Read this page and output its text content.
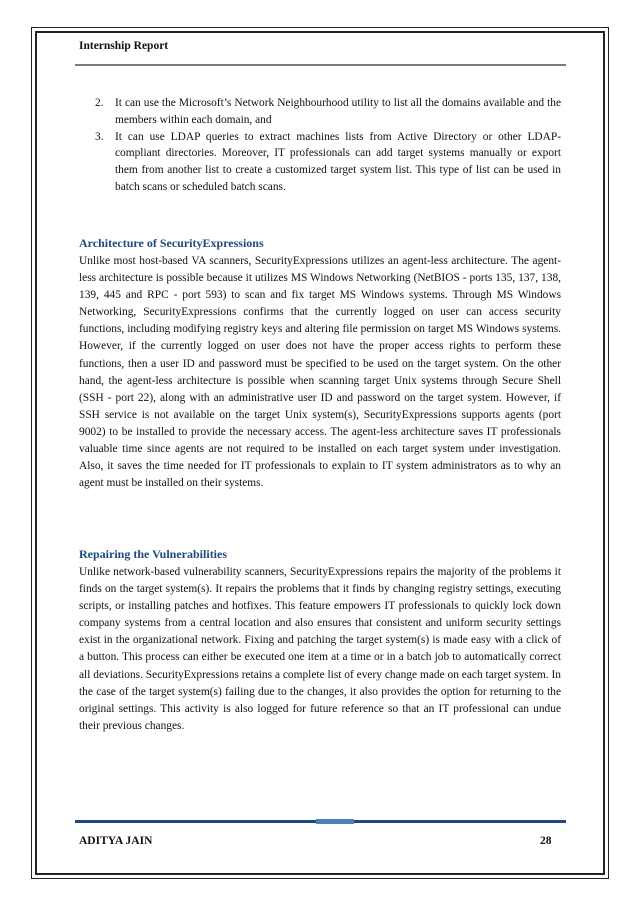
Internship Report
2. It can use the Microsoft’s Network Neighbourhood utility to list all the domains available and the members within each domain, and
3. It can use LDAP queries to extract machines lists from Active Directory or other LDAP-compliant directories. Moreover, IT professionals can add target systems manually or export them from another list to create a customized target system list. This type of list can be used in batch scans or scheduled batch scans.
Architecture of SecurityExpressions

Unlike most host-based VA scanners, SecurityExpressions utilizes an agent-less architecture. The agent-less architecture is possible because it utilizes MS Windows Networking (NetBIOS - ports 135, 137, 138, 139, 445 and RPC - port 593) to scan and fix target MS Windows systems. Through MS Windows Networking, SecurityExpressions confirms that the currently logged on user can access security functions, including modifying registry keys and altering file permission on target MS Windows systems. However, if the currently logged on user does not have the proper access rights to perform these functions, then a user ID and password must be specified to be used on the target system. On the other hand, the agent-less architecture is possible when scanning target Unix systems through Secure Shell (SSH - port 22), along with an administrative user ID and password on the target system. However, if SSH service is not available on the target Unix system(s), SecurityExpressions supports agents (port 9002) to be installed to provide the necessary access. The agent-less architecture saves IT professionals valuable time since agents are not required to be installed on each target system under investigation. Also, it saves the time needed for IT professionals to explain to IT system administrators as to why an agent must be installed on their systems.

Repairing the Vulnerabilities

Unlike network-based vulnerability scanners, SecurityExpressions repairs the majority of the problems it finds on the target system(s). It repairs the problems that it finds by changing registry settings, executing scripts, or installing patches and hotfixes. This feature empowers IT professionals to quickly lock down company systems from a central location and also ensures that consistent and uniform security settings exist in the organizational network. Fixing and patching the target system(s) is made easy with a click of a button. This process can either be executed one item at a time or in a batch job to automatically correct all deviations. SecurityExpressions retains a complete list of every change made on each target system. In the case of the target system(s) failing due to the changes, it also provides the option for returning to the original settings. This activity is also logged for future reference so that an IT professional can undue their previous changes.

ADITYA JAIN	28
